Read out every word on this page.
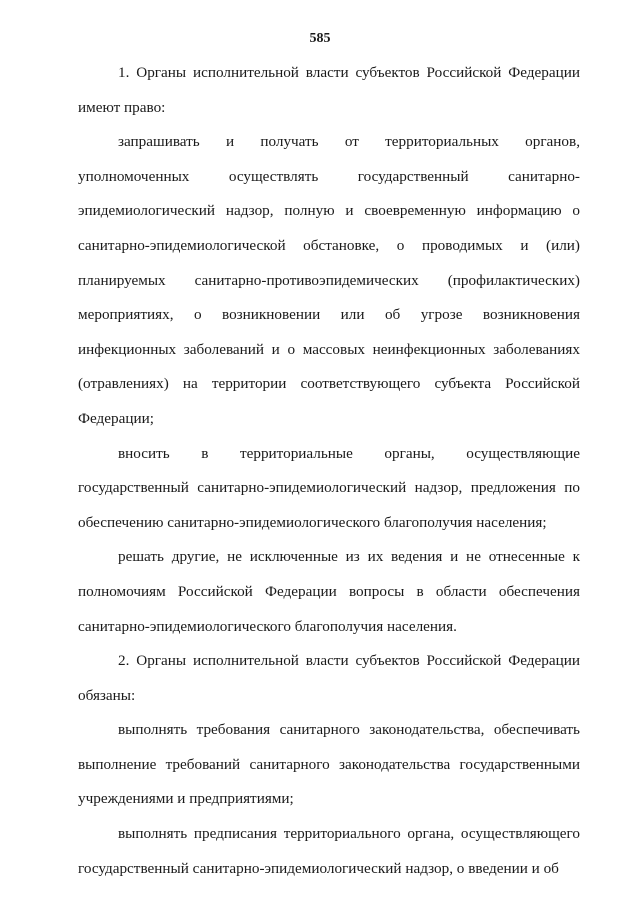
585

1. Органы исполнительной власти субъектов Российской Федерации имеют право:

запрашивать и получать от территориальных органов, уполномоченных осуществлять государственный санитарно-эпидемиологический надзор, полную и своевременную информацию о санитарно-эпидемиологической обстановке, о проводимых и (или) планируемых санитарно-противоэпидемических (профилактических) мероприятиях, о возникновении или об угрозе возникновения инфекционных заболеваний и о массовых неинфекционных заболеваниях (отравлениях) на территории соответствующего субъекта Российской Федерации;

вносить в территориальные органы, осуществляющие государственный санитарно-эпидемиологический надзор, предложения по обеспечению санитарно-эпидемиологического благополучия населения;

решать другие, не исключенные из их ведения и не отнесенные к полномочиям Российской Федерации вопросы в области обеспечения санитарно-эпидемиологического благополучия населения.

2. Органы исполнительной власти субъектов Российской Федерации обязаны:

выполнять требования санитарного законодательства, обеспечивать выполнение требований санитарного законодательства государственными учреждениями и предприятиями;

выполнять предписания территориального органа, осуществляющего государственный санитарно-эпидемиологический надзор, о введении и об
